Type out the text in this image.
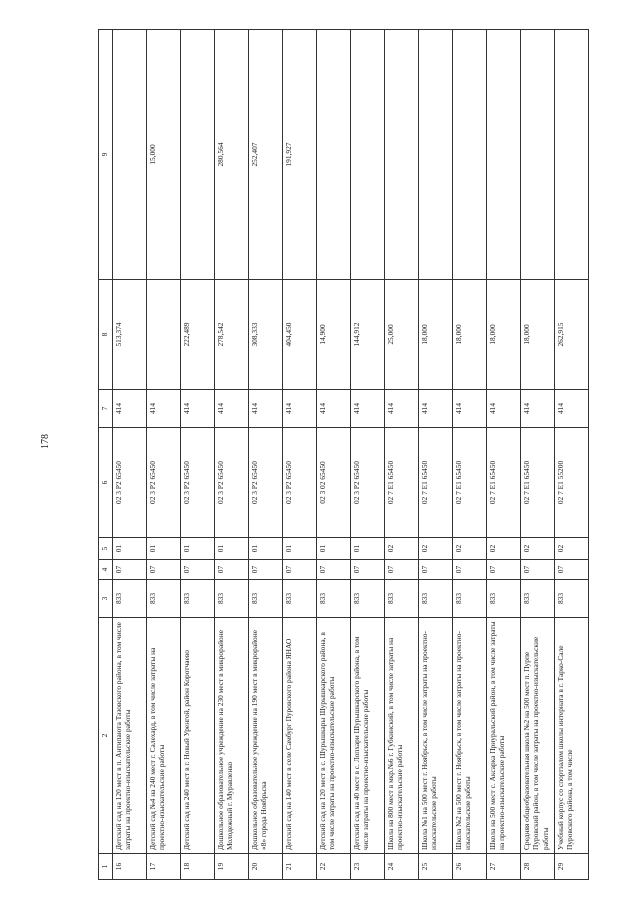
178
1	2	3	4	5	6	7	8	9
16	Детский сад на 120 мест в п. Антипаюта Тазовского района, в том числе затраты на проектно-изыскательские работы	833	07	01	02 3 Р2 65450	414	513,374	
17	Детский сад №4 на 240 мест г. Салехард, в том числе затраты на проектно-изыскательские работы	833	07	01	02 3 Р2 65450	414		15,000
18	Детский сад на 240 мест в г. Новый Уренгой, район Коротчаево	833	07	01	02 3 Р2 65450	414	222,489	
19	Дошкольное образовательное учреждение на 230 мест в микрорайоне Молодежный г. Муравленко	833	07	01	02 3 Р2 65450	414	278,542	280,564
20	Дошкольное образовательное учреждение на 190 мест в микрорайоне «8» города Ноябрьска	833	07	01	02 3 Р2 65450	414	308,333	252,407
21	Детский сад на 140 мест в селе Самбург Пуровского района ЯНАО	833	07	01	02 3 Р2 65450	414	404,450	191,927
22	Детский сад на 120 мест в с. Шурышкары Шурышкарского района, в том числе затраты на проектно-изыскательские работы	833	07	01	02 3 02 65450	414	14,900	
23	Детский сад на 40 мест в с. Лопхари Шурышкарского района, в том числе затраты на проектно-изыскательские работы	833	07	01	02 3 Р2 65450	414	144,912	
24	Школа на 800 мест в мкр.№6 г. Губкинский, в том числе затраты на проектно-изыскательские работы	833	07	02	02 7 Е1 65450	414	25,000	
25	Школа №1 на 500 мест г. Ноябрьск, в том числе затраты на проектно-изыскательские работы	833	07	02	02 7 Е1 65450	414	18,000	
26	Школа №2 на 500 мест г. Ноябрьск, в том числе затраты на проектно-изыскательские работы	833	07	02	02 7 Е1 65450	414	18,000	
27	Школа на 500 мест с. Аксарка Приуральский район, в том числе затраты на проектно-изыскательские работы	833	07	02	02 7 Е1 65450	414	18,000	
28	Средняя общеобразовательная школа №2 на 500 мест п. Пурпе Пуровский район, в том числе затраты на проектно-изыскательские работы	833	07	02	02 7 Е1 65450	414	18,000	
29	Учебный корпус со спортзалом школы интерната в г. Тарко-Сале Пуровского района, в том числе	833	07	02	02 7 Е1 55200	414	262,915	
